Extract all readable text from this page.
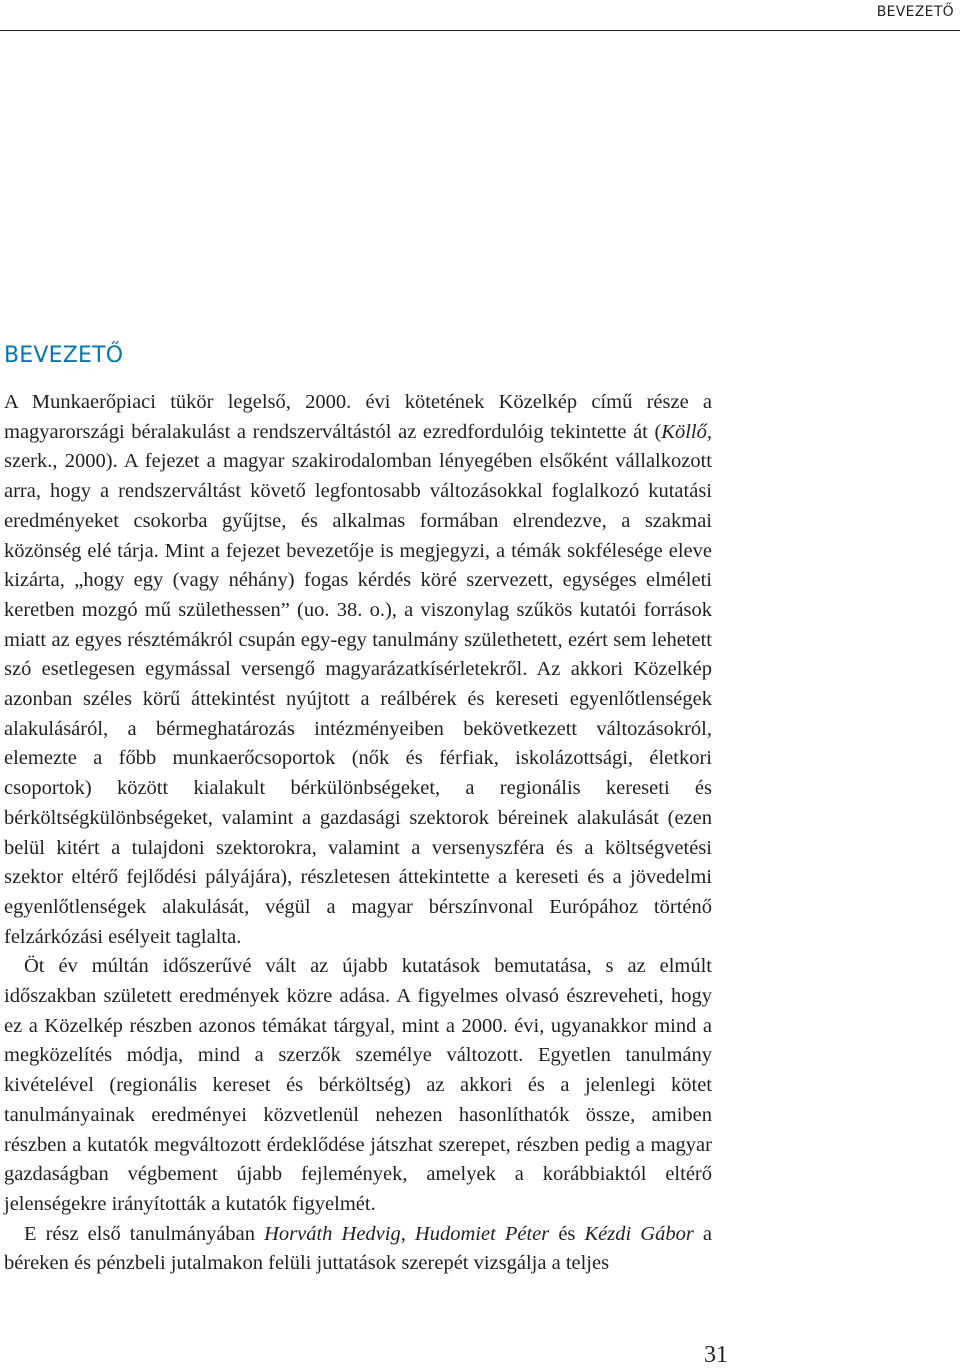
BEVEZETŐ
BEVEZETŐ

A Munkaerőpiaci tükör legelső, 2000. évi kötetének Közelkép című része a magyarországi béralakulást a rendszerváltástól az ezredfordulóig tekintette át (Köllő, szerk., 2000). A fejezet a magyar szakirodalomban lényegében elsőként vállalkozott arra, hogy a rendszerváltást követő legfontosabb változásokkal foglalkozó kutatási eredményeket csokorba gyűjtse, és alkalmas formában elrendezve, a szakmai közönség elé tárja. Mint a fejezet bevezetője is megjegyzi, a témák sokfélesége eleve kizárta, „hogy egy (vagy néhány) fogas kérdés köré szervezett, egységes elméleti keretben mozgó mű születhessen” (uo. 38. o.), a viszonylag szűkös kutatói források miatt az egyes résztémákról csupán egy-egy tanulmány születhetett, ezért sem lehetett szó esetlegesen egymással versengő magyarázatkísérletekről. Az akkori Közelkép azonban széles körű áttekintést nyújtott a reálbérek és kereseti egyenlőtlenségek alakulásáról, a bérmeghatározás intézményeiben bekövetkezett változásokról, elemezte a főbb munkaerőcsoportok (nők és férfiak, iskolázottsági, életkori csoportok) között kialakult bérkülönbségeket, a regionális kereseti és bérköltségkülönbségeket, valamint a gazdasági szektorok béreinek alakulását (ezen belül kitért a tulajdoni szektorokra, valamint a versenyszféra és a költségvetési szektor eltérő fejlődési pályájára), részletesen áttekintette a kereseti és a jövedelmi egyenlőtlenségek alakulását, végül a magyar bérszínvonal Európához történő felzárkózási esélyeit taglalta.

Öt év múltán időszerűvé vált az újabb kutatások bemutatása, s az elmúlt időszakban született eredmények közre adása. A figyelmes olvasó észreveheti, hogy ez a Közelkép részben azonos témákat tárgyal, mint a 2000. évi, ugyanakkor mind a megközelítés módja, mind a szerzők személye változott. Egyetlen tanulmány kivételével (regionális kereset és bérköltség) az akkori és a jelenlegi kötet tanulmányainak eredményei közvetlenül nehezen hasonlíthatók össze, amiben részben a kutatók megváltozott érdeklődése játszhat szerepet, részben pedig a magyar gazdaságban végbement újabb fejlemények, amelyek a korábbiaktól eltérő jelenségekre irányították a kutatók figyelmét.

E rész első tanulmányában Horváth Hedvig, Hudomiet Péter és Kézdi Gábor a béreken és pénzbeli jutalmakon felüli juttatások szerepét vizsgálja a teljes

31
